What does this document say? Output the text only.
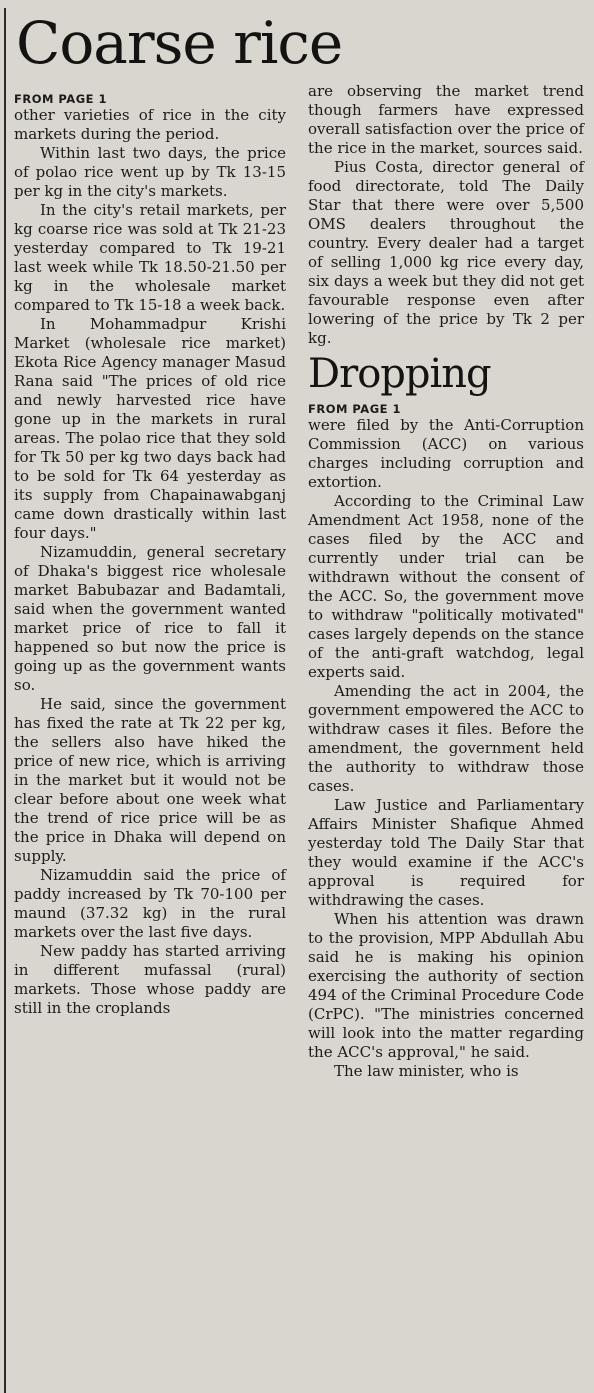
Coarse rice
FROM PAGE 1

other varieties of rice in the city markets during the period.

Within last two days, the price of polao rice went up by Tk 13-15 per kg in the city's markets.

In the city's retail markets, per kg coarse rice was sold at Tk 21-23 yesterday compared to Tk 19-21 last week while Tk 18.50-21.50 per kg in the wholesale market compared to Tk 15-18 a week back.

In Mohammadpur Krishi Market (wholesale rice market) Ekota Rice Agency manager Masud Rana said "The prices of old rice and newly harvested rice have gone up in the markets in rural areas. The polao rice that they sold for Tk 50 per kg two days back had to be sold for Tk 64 yesterday as its supply from Chapainawabganj came down drastically within last four days."

Nizamuddin, general secretary of Dhaka's biggest rice wholesale market Babubazar and Badamtali, said when the government wanted market price of rice to fall it happened so but now the price is going up as the government wants so.

He said, since the government has fixed the rate at Tk 22 per kg, the sellers also have hiked the price of new rice, which is arriving in the market but it would not be clear before about one week what the trend of rice price will be as the price in Dhaka will depend on supply.

Nizamuddin said the price of paddy increased by Tk 70-100 per maund (37.32 kg) in the rural markets over the last five days.

New paddy has started arriving in different mufassal (rural) markets. Those whose paddy are still in the croplands

are observing the market trend though farmers have expressed overall satisfaction over the price of the rice in the market, sources said.

Pius Costa, director general of food directorate, told The Daily Star that there were over 5,500 OMS dealers throughout the country. Every dealer had a target of selling 1,000 kg rice every day, six days a week but they did not get favourable response even after lowering of the price by Tk 2 per kg.

Dropping
FROM PAGE 1

were filed by the Anti-Corruption Commission (ACC) on various charges including corruption and extortion.

According to the Criminal Law Amendment Act 1958, none of the cases filed by the ACC and currently under trial can be withdrawn without the consent of the ACC. So, the government move to withdraw "politically motivated" cases largely depends on the stance of the anti-graft watchdog, legal experts said.

Amending the act in 2004, the government empowered the ACC to withdraw cases it files. Before the amendment, the government held the authority to withdraw those cases.

Law Justice and Parliamentary Affairs Minister Shafique Ahmed yesterday told The Daily Star that they would examine if the ACC's approval is required for withdrawing the cases.

When his attention was drawn to the provision, MPP Abdullah Abu said he is making his opinion exercising the authority of section 494 of the Criminal Procedure Code (CrPC). "The ministries concerned will look into the matter regarding the ACC's approval," he said.

The law minister, who is
